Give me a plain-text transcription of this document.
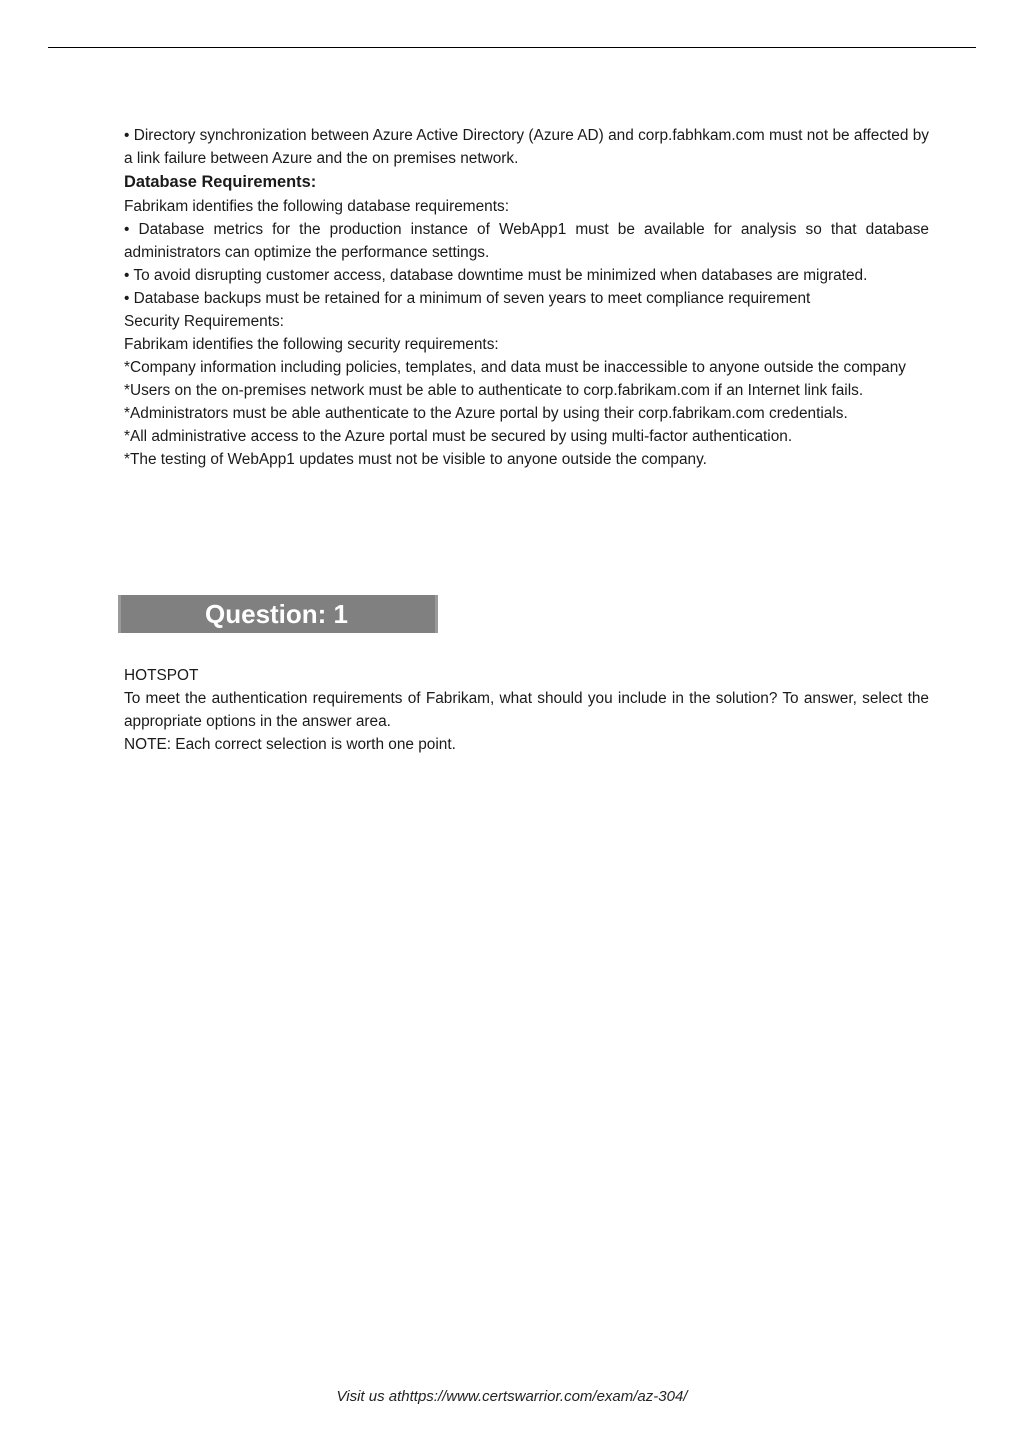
• Directory synchronization between Azure Active Directory (Azure AD) and corp.fabhkam.com must not be affected by a link failure between Azure and the on premises network.

Database Requirements:

Fabrikam identifies the following database requirements:

• Database metrics for the production instance of WebApp1 must be available for analysis so that database administrators can optimize the performance settings.

• To avoid disrupting customer access, database downtime must be minimized when databases are migrated.

• Database backups must be retained for a minimum of seven years to meet compliance requirement

Security Requirements:

Fabrikam identifies the following security requirements:

*Company information including policies, templates, and data must be inaccessible to anyone outside the company

*Users on the on-premises network must be able to authenticate to corp.fabrikam.com if an Internet link fails.

*Administrators must be able authenticate to the Azure portal by using their corp.fabrikam.com credentials.

*All administrative access to the Azure portal must be secured by using multi-factor authentication.

*The testing of WebApp1 updates must not be visible to anyone outside the company.

Question: 1

HOTSPOT

To meet the authentication requirements of Fabrikam, what should you include in the solution? To answer, select the appropriate options in the answer area.

NOTE: Each correct selection is worth one point.

Visit us athttps://www.certswarrior.com/exam/az-304/
